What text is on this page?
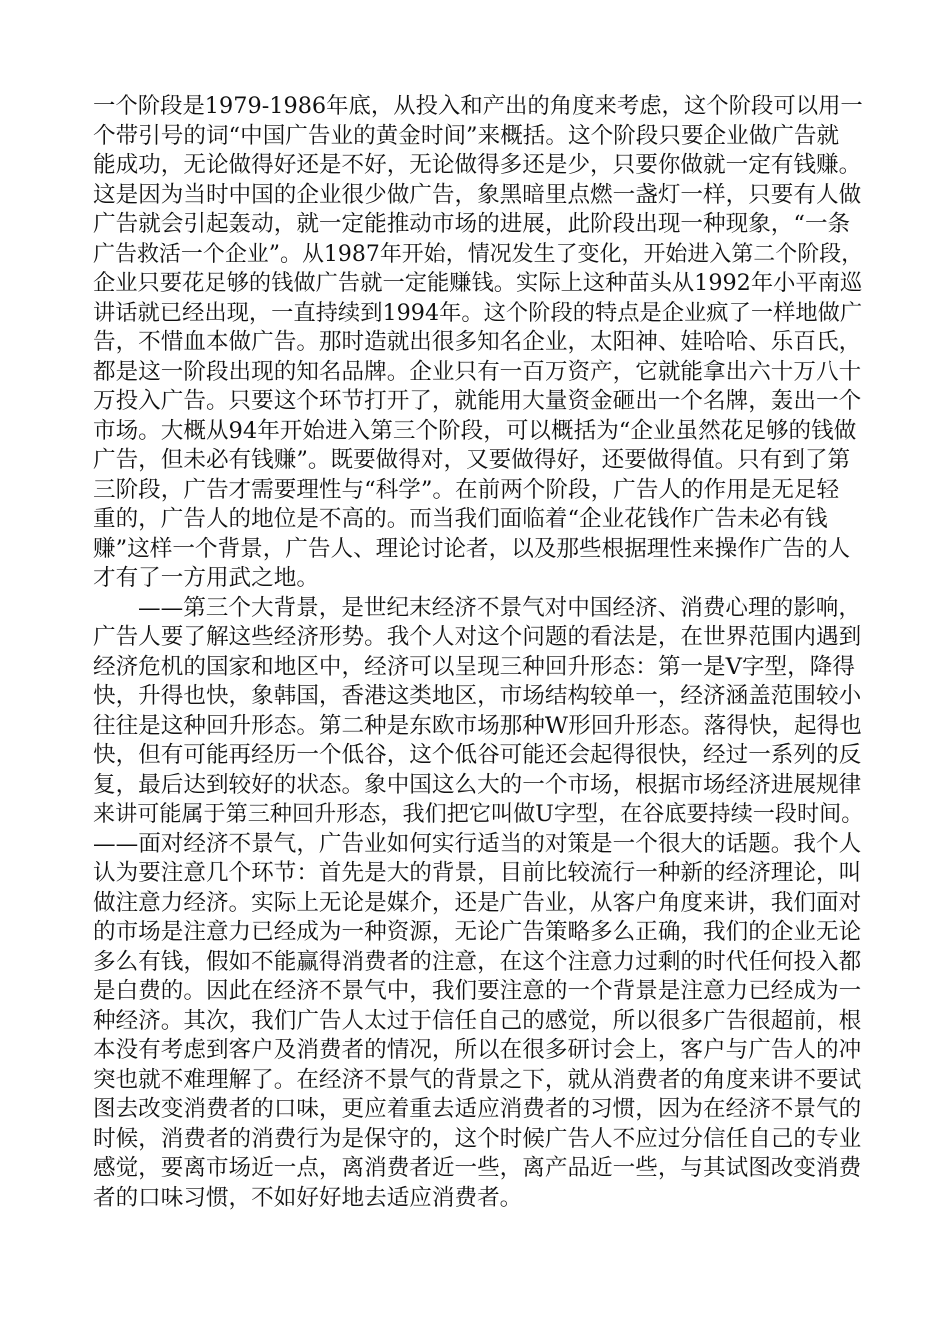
一个阶段是1979-1986年底，从投入和产出的角度来考虑，这个阶段可以用一
个带引号的词“中国广告业的黄金时间”来概括。这个阶段只要企业做广告就
能成功，无论做得好还是不好，无论做得多还是少，只要你做就一定有钱赚。
这是因为当时中国的企业很少做广告，象黑暗里点燃一盏灯一样，只要有人做
广告就会引起轰动，就一定能推动市场的进展，此阶段出现一种现象，“一条
广告救活一个企业”。从1987年开始，情况发生了变化，开始进入第二个阶段，
企业只要花足够的钱做广告就一定能赚钱。实际上这种苗头从1992年小平南巡
讲话就已经出现，一直持续到1994年。这个阶段的特点是企业疯了一样地做广
告，不惜血本做广告。那时造就出很多知名企业，太阳神、娃哈哈、乐百氏，
都是这一阶段出现的知名品牌。企业只有一百万资产，它就能拿出六十万八十
万投入广告。只要这个环节打开了，就能用大量资金砸出一个名牌，轰出一个
市场。大概从94年开始进入第三个阶段，可以概括为“企业虽然花足够的钱做
广告，但未必有钱赚”。既要做得对，又要做得好，还要做得值。只有到了第
三阶段，广告才需要理性与“科学”。在前两个阶段，广告人的作用是无足轻
重的，广告人的地位是不高的。而当我们面临着“企业花钱作广告未必有钱
赚”这样一个背景，广告人、理论讨论者，以及那些根据理性来操作广告的人
才有了一方用武之地。
——第三个大背景，是世纪末经济不景气对中国经济、消费心理的影响，
广告人要了解这些经济形势。我个人对这个问题的看法是，在世界范围内遇到
经济危机的国家和地区中，经济可以呈现三种回升形态：第一是V字型，降得
快，升得也快，象韩国，香港这类地区，市场结构较单一，经济涵盖范围较小
往往是这种回升形态。第二种是东欧市场那种W形回升形态。落得快，起得也
快，但有可能再经历一个低谷，这个低谷可能还会起得很快，经过一系列的反
复，最后达到较好的状态。象中国这么大的一个市场，根据市场经济进展规律
来讲可能属于第三种回升形态，我们把它叫做U字型，在谷底要持续一段时间。
——面对经济不景气，广告业如何实行适当的对策是一个很大的话题。我个人
认为要注意几个环节：首先是大的背景，目前比较流行一种新的经济理论，叫
做注意力经济。实际上无论是媒介，还是广告业，从客户角度来讲，我们面对
的市场是注意力已经成为一种资源，无论广告策略多么正确，我们的企业无论
多么有钱，假如不能赢得消费者的注意，在这个注意力过剩的时代任何投入都
是白费的。因此在经济不景气中，我们要注意的一个背景是注意力已经成为一
种经济。其次，我们广告人太过于信任自己的感觉，所以很多广告很超前，根
本没有考虑到客户及消费者的情况，所以在很多研讨会上，客户与广告人的冲
突也就不难理解了。在经济不景气的背景之下，就从消费者的角度来讲不要试
图去改变消费者的口味，更应着重去适应消费者的习惯，因为在经济不景气的
时候，消费者的消费行为是保守的，这个时候广告人不应过分信任自己的专业
感觉，要离市场近一点，离消费者近一些，离产品近一些，与其试图改变消费
者的口味习惯，不如好好地去适应消费者。
